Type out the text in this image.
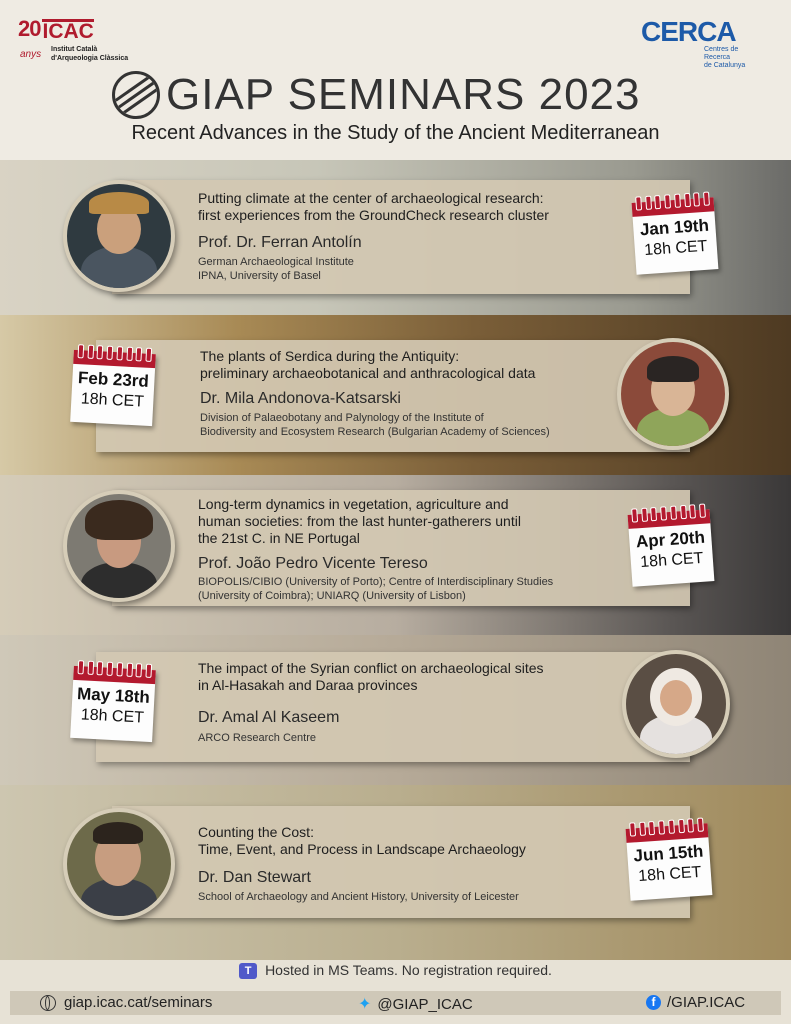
20 ICAC
anys Institut Català
d'Arqueologia Clàssica
CERCA
Centres de Recerca
de Catalunya
GIAP SEMINARS 2023
Recent Advances in the Study of the Ancient Mediterranean
Putting climate at the center of archaeological research:
first experiences from the GroundCheck research cluster
Prof. Dr. Ferran Antolín
German Archaeological Institute
IPNA, University of Basel
Jan 19th
18h CET
Feb 23rd
18h CET
The plants of Serdica during the Antiquity:
preliminary archaeobotanical and anthracological data
Dr. Mila Andonova-Katsarski
Division of Palaeobotany and Palynology of the Institute of
Biodiversity and Ecosystem Research (Bulgarian Academy of Sciences)
Long-term dynamics in vegetation, agriculture and
human societies: from the last hunter-gatherers until
the 21st C. in NE Portugal
Prof. João Pedro Vicente Tereso
BIOPOLIS/CIBIO (University of Porto); Centre of Interdisciplinary Studies
(University of Coimbra); UNIARQ (University of Lisbon)
Apr 20th
18h CET
May 18th
18h CET
The impact of the Syrian conflict on archaeological sites
in Al-Hasakah and Daraa provinces
Dr. Amal Al Kaseem
ARCO Research Centre
Counting the Cost:
Time, Event, and Process in Landscape Archaeology
Dr. Dan Stewart
School of Archaeology and Ancient History, University of Leicester
Jun 15th
18h CET
T Hosted in MS Teams. No registration required.
giap.icac.cat/seminars	✦ @GIAP_ICAC	f /GIAP.ICAC
